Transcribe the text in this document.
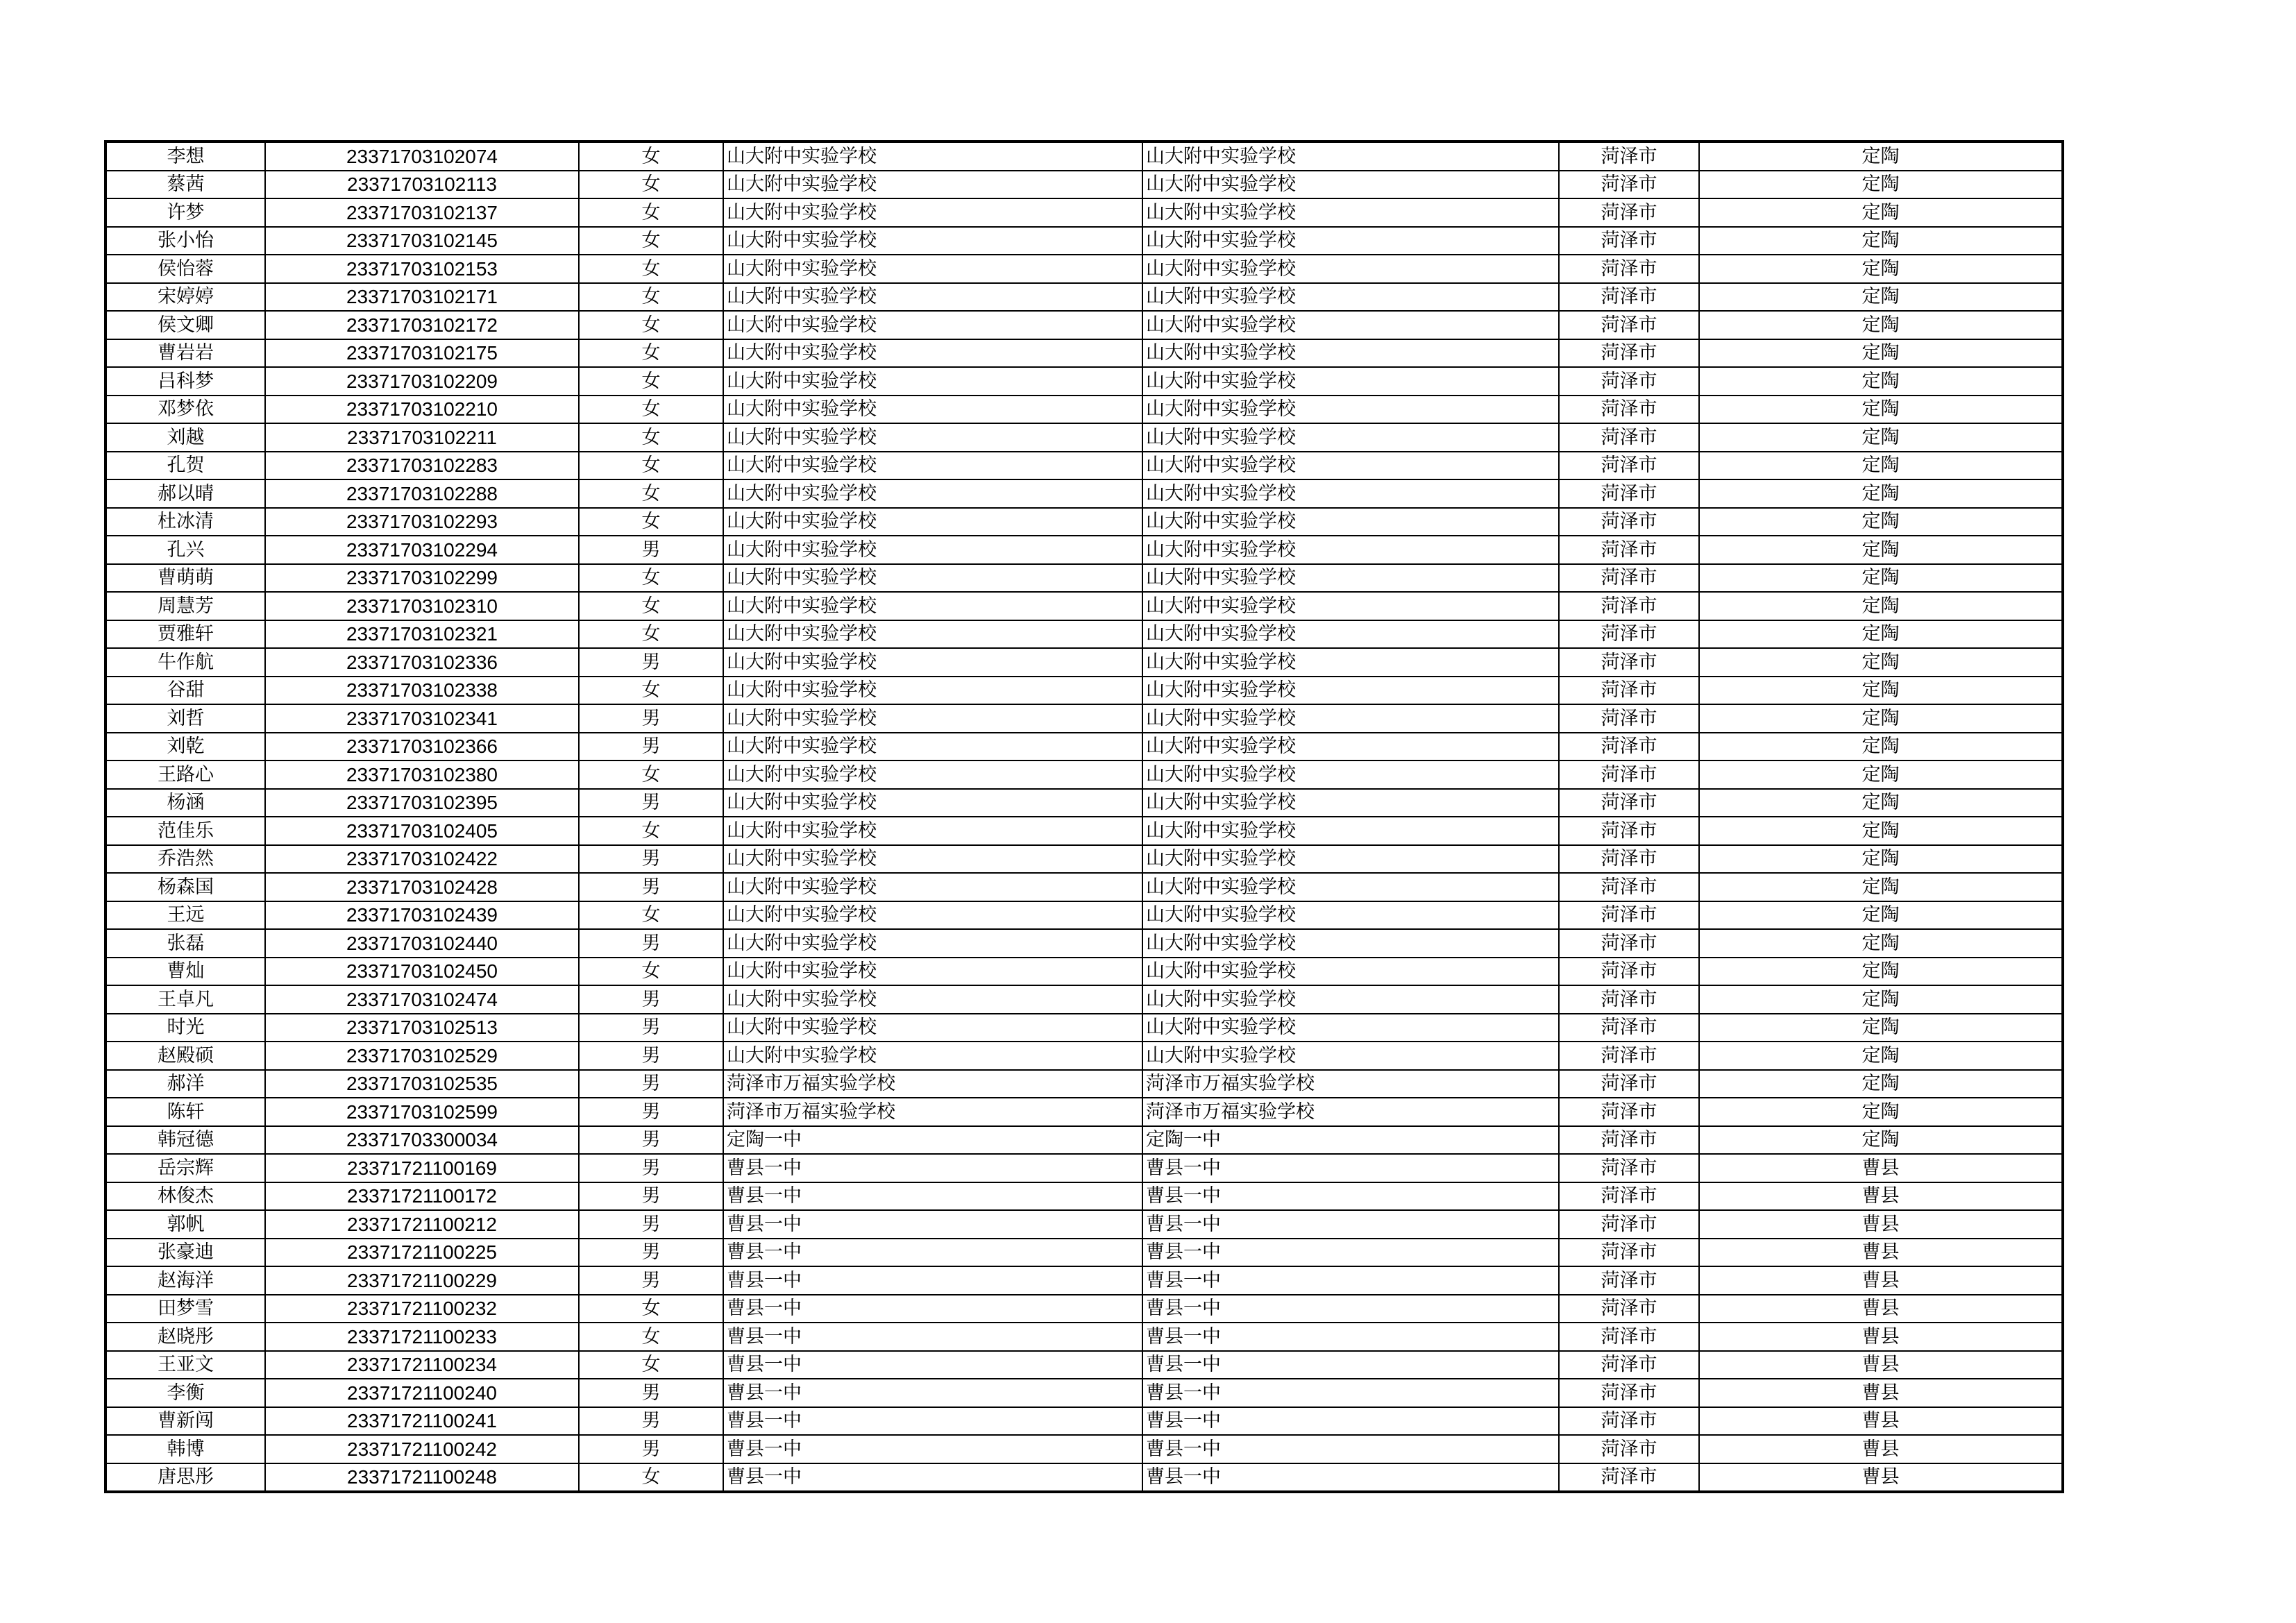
李想	23371703102074	女	山大附中实验学校	山大附中实验学校	菏泽市	定陶
蔡茜	23371703102113	女	山大附中实验学校	山大附中实验学校	菏泽市	定陶
许梦	23371703102137	女	山大附中实验学校	山大附中实验学校	菏泽市	定陶
张小怡	23371703102145	女	山大附中实验学校	山大附中实验学校	菏泽市	定陶
侯怡蓉	23371703102153	女	山大附中实验学校	山大附中实验学校	菏泽市	定陶
宋婷婷	23371703102171	女	山大附中实验学校	山大附中实验学校	菏泽市	定陶
侯文卿	23371703102172	女	山大附中实验学校	山大附中实验学校	菏泽市	定陶
曹岩岩	23371703102175	女	山大附中实验学校	山大附中实验学校	菏泽市	定陶
吕科梦	23371703102209	女	山大附中实验学校	山大附中实验学校	菏泽市	定陶
邓梦依	23371703102210	女	山大附中实验学校	山大附中实验学校	菏泽市	定陶
刘越	23371703102211	女	山大附中实验学校	山大附中实验学校	菏泽市	定陶
孔贺	23371703102283	女	山大附中实验学校	山大附中实验学校	菏泽市	定陶
郝以晴	23371703102288	女	山大附中实验学校	山大附中实验学校	菏泽市	定陶
杜冰清	23371703102293	女	山大附中实验学校	山大附中实验学校	菏泽市	定陶
孔兴	23371703102294	男	山大附中实验学校	山大附中实验学校	菏泽市	定陶
曹萌萌	23371703102299	女	山大附中实验学校	山大附中实验学校	菏泽市	定陶
周慧芳	23371703102310	女	山大附中实验学校	山大附中实验学校	菏泽市	定陶
贾雅轩	23371703102321	女	山大附中实验学校	山大附中实验学校	菏泽市	定陶
牛作航	23371703102336	男	山大附中实验学校	山大附中实验学校	菏泽市	定陶
谷甜	23371703102338	女	山大附中实验学校	山大附中实验学校	菏泽市	定陶
刘哲	23371703102341	男	山大附中实验学校	山大附中实验学校	菏泽市	定陶
刘乾	23371703102366	男	山大附中实验学校	山大附中实验学校	菏泽市	定陶
王路心	23371703102380	女	山大附中实验学校	山大附中实验学校	菏泽市	定陶
杨涵	23371703102395	男	山大附中实验学校	山大附中实验学校	菏泽市	定陶
范佳乐	23371703102405	女	山大附中实验学校	山大附中实验学校	菏泽市	定陶
乔浩然	23371703102422	男	山大附中实验学校	山大附中实验学校	菏泽市	定陶
杨森国	23371703102428	男	山大附中实验学校	山大附中实验学校	菏泽市	定陶
王远	23371703102439	女	山大附中实验学校	山大附中实验学校	菏泽市	定陶
张磊	23371703102440	男	山大附中实验学校	山大附中实验学校	菏泽市	定陶
曹灿	23371703102450	女	山大附中实验学校	山大附中实验学校	菏泽市	定陶
王卓凡	23371703102474	男	山大附中实验学校	山大附中实验学校	菏泽市	定陶
时光	23371703102513	男	山大附中实验学校	山大附中实验学校	菏泽市	定陶
赵殿硕	23371703102529	男	山大附中实验学校	山大附中实验学校	菏泽市	定陶
郝洋	23371703102535	男	菏泽市万福实验学校	菏泽市万福实验学校	菏泽市	定陶
陈轩	23371703102599	男	菏泽市万福实验学校	菏泽市万福实验学校	菏泽市	定陶
韩冠德	23371703300034	男	定陶一中	定陶一中	菏泽市	定陶
岳宗辉	23371721100169	男	曹县一中	曹县一中	菏泽市	曹县
林俊杰	23371721100172	男	曹县一中	曹县一中	菏泽市	曹县
郭帆	23371721100212	男	曹县一中	曹县一中	菏泽市	曹县
张豪迪	23371721100225	男	曹县一中	曹县一中	菏泽市	曹县
赵海洋	23371721100229	男	曹县一中	曹县一中	菏泽市	曹县
田梦雪	23371721100232	女	曹县一中	曹县一中	菏泽市	曹县
赵晓彤	23371721100233	女	曹县一中	曹县一中	菏泽市	曹县
王亚文	23371721100234	女	曹县一中	曹县一中	菏泽市	曹县
李衡	23371721100240	男	曹县一中	曹县一中	菏泽市	曹县
曹新闯	23371721100241	男	曹县一中	曹县一中	菏泽市	曹县
韩博	23371721100242	男	曹县一中	曹县一中	菏泽市	曹县
唐思彤	23371721100248	女	曹县一中	曹县一中	菏泽市	曹县
